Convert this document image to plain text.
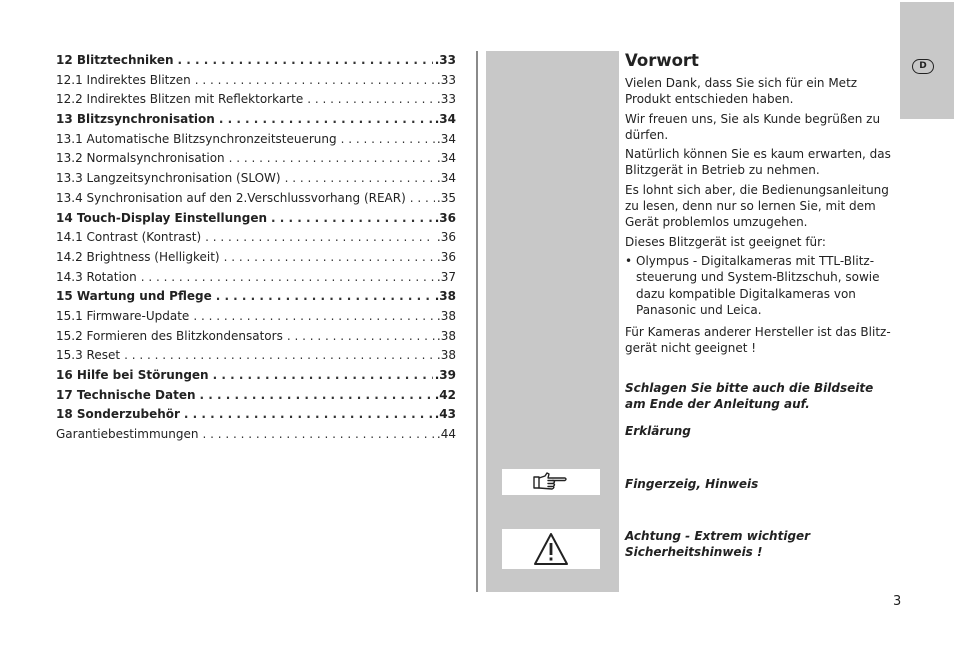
12 Blitztechniken . . .	.33
12.1 Indirektes Blitzen . . .	.33
12.2 Indirektes Blitzen mit Reflektorkarte . . .	.33
13 Blitzsynchronisation . . .	.34
13.1 Automatische Blitzsynchronzeitsteuerung . . .	.34
13.2 Normalsynchronisation . . .	.34
13.3 Langzeitsynchronisation (SLOW) . . .	.34
13.4 Synchronisation auf den 2.Verschlussvorhang (REAR) . . .	.35
14 Touch-Display Einstellungen . . .	.36
14.1 Contrast (Kontrast) . . .	.36
14.2 Brightness (Helligkeit) . . .	.36
14.3 Rotation . . .	.37
15 Wartung und Pflege . . .	.38
15.1 Firmware-Update . . .	.38
15.2 Formieren des Blitzkondensators . . .	.38
15.3 Reset . . .	.38
16 Hilfe bei Störungen . . .	.39
17 Technische Daten . . .	.42
18 Sonderzubehör . . .	.43
Garantiebestimmungen . . .	.44
Vorwort

Vielen Dank, dass Sie sich für ein Metz Produkt entschieden haben.

Wir freuen uns, Sie als Kunde begrüßen zu dürfen.

Natürlich können Sie es kaum erwarten, das Blitzgerät in Betrieb zu nehmen.

Es lohnt sich aber, die Bedienungsanleitung zu lesen, denn nur so lernen Sie, mit dem Gerät problemlos umzugehen.

Dieses Blitzgerät ist geeignet für:

• Olympus - Digitalkameras mit TTL-Blitz-steuerung und System-Blitzschuh, sowie dazu kompatible Digitalkameras von Panasonic und Leica.

Für Kameras anderer Hersteller ist das Blitz-gerät nicht geeignet !

Schlagen Sie bitte auch die Bildseite am Ende der Anleitung auf.
Erklärung
Fingerzeig, Hinweis
Achtung - Extrem wichtiger Sicherheitshinweis !
D
3
